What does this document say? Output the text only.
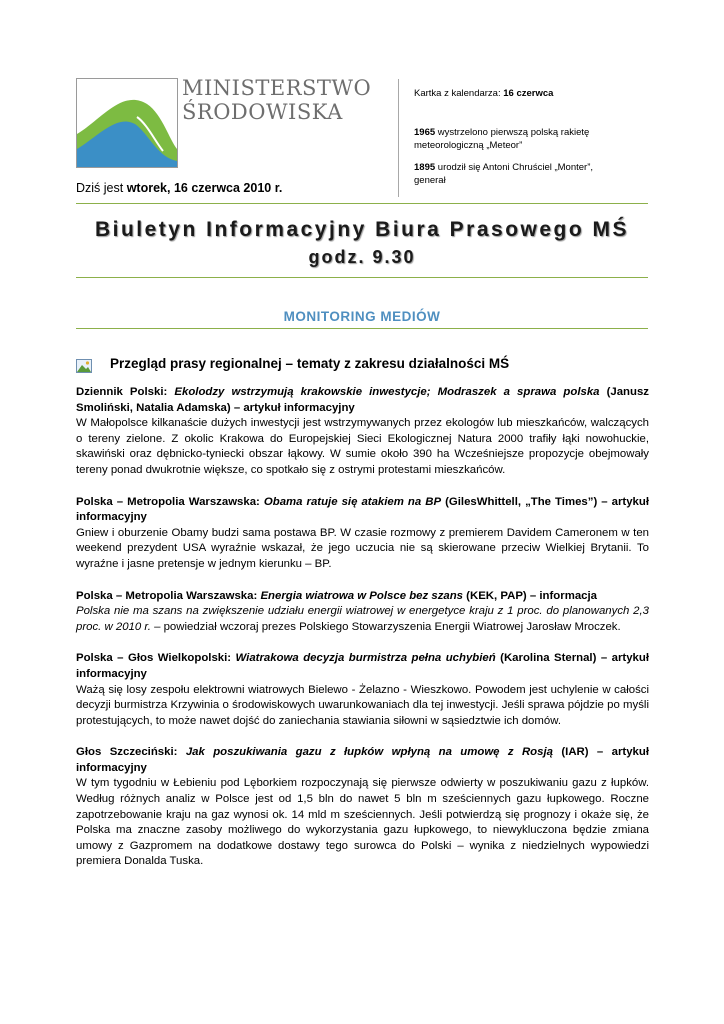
MINISTERSTWO
ŚRODOWISKA
Dziś jest wtorek, 16 czerwca 2010 r.
Kartka z kalendarza: 16 czerwca
1965 wystrzelono pierwszą polską rakietę meteorologiczną „Meteor”
1895 urodził się Antoni Chruściel „Monter”, generał
Biuletyn Informacyjny Biura Prasowego MŚ
godz. 9.30
MONITORING MEDIÓW
Przegląd prasy regionalnej – tematy z zakresu działalności MŚ
Dziennik Polski: Ekolodzy wstrzymują krakowskie inwestycje; Modraszek a sprawa polska (Janusz Smoliński, Natalia Adamska) – artykuł informacyjny
W Małopolsce kilkanaście dużych inwestycji jest wstrzymywanych przez ekologów lub mieszkańców, walczących o tereny zielone. Z okolic Krakowa do Europejskiej Sieci Ekologicznej Natura 2000 trafiły łąki nowohuckie, skawiński oraz dębnicko-tyniecki obszar łąkowy. W sumie około 390 ha Wcześniejsze propozycje obejmowały tereny ponad dwukrotnie większe, co spotkało się z ostrymi protestami mieszkańców.
Polska – Metropolia Warszawska: Obama ratuje się atakiem na BP (GilesWhittell, „The Times”) – artykuł informacyjny
Gniew i oburzenie Obamy budzi sama postawa BP. W czasie rozmowy z premierem Davidem Cameronem w ten weekend prezydent USA wyraźnie wskazał, że jego uczucia nie są skierowane przeciw Wielkiej Brytanii. To wyraźne i jasne pretensje w jednym kierunku – BP.
Polska – Metropolia Warszawska: Energia wiatrowa w Polsce bez szans (KEK, PAP) – informacja
Polska nie ma szans na zwiększenie udziału energii wiatrowej w energetyce kraju z 1 proc. do planowanych 2,3 proc. w 2010 r. – powiedział wczoraj prezes Polskiego Stowarzyszenia Energii Wiatrowej Jarosław Mroczek.
Polska – Głos Wielkopolski: Wiatrakowa decyzja burmistrza pełna uchybień (Karolina Sternal) – artykuł informacyjny
Ważą się losy zespołu elektrowni wiatrowych Bielewo - Żelazno - Wieszkowo. Powodem jest uchylenie w całości decyzji burmistrza Krzywinia o środowiskowych uwarunkowaniach dla tej inwestycji. Jeśli sprawa pójdzie po myśli protestujących, to może nawet dojść do zaniechania stawiania siłowni w sąsiedztwie ich domów.
Głos Szczeciński: Jak poszukiwania gazu z łupków wpłyną na umowę z Rosją (IAR) – artykuł informacyjny
W tym tygodniu w Łebieniu pod Lęborkiem rozpoczynają się pierwsze odwierty w poszukiwaniu gazu z łupków. Według różnych analiz w Polsce jest od 1,5 bln do nawet 5 bln m sześciennych gazu łupkowego. Roczne zapotrzebowanie kraju na gaz wynosi ok. 14 mld m sześciennych. Jeśli potwierdzą się prognozy i okaże się, że Polska ma znaczne zasoby możliwego do wykorzystania gazu łupkowego, to niewykluczona będzie zmiana umowy z Gazpromem na dodatkowe dostawy tego surowca do Polski – wynika z niedzielnych wypowiedzi premiera Donalda Tuska.
